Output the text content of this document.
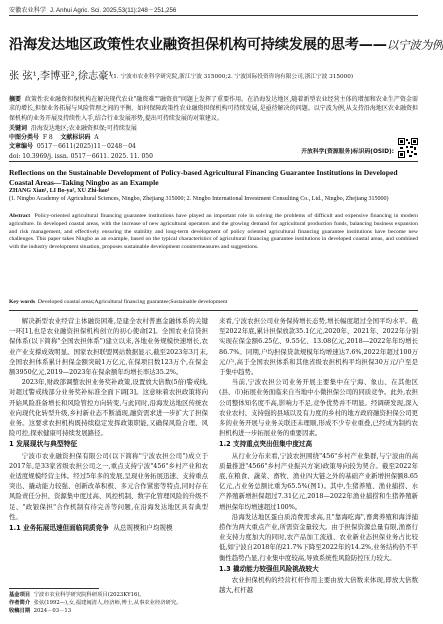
安徽农业科学 J. Anhui Agric. Sci. 2025,53(11):248－251,256
沿海发达地区政策性农业融资担保机构可持续发展的思考——以宁波为例
张 弦¹,李博亚²,徐志豪¹
(1. 宁波市农业科学研究院,浙江宁波 315000;2. 宁波国际投资咨询有限公司,浙江宁波 315000)
摘要 政策性农业融资担保机构在解决现代农业"融资难""融资贵"问题上发挥了重要作用。在沿海发达地区,随着新型农业经营主体的增加和农业生产资金需求的增长,担保业务拓展与风险管理之间的平衡、如何保障政策性农业融资担保机构可持续发展,是亟待解决的问题。以宁波为例,从支持沿海地区农业融资担保机构的业务开展及持续性入手,结合行业发展形势,提出可持续发展的对策建议。
关键词 沿海发达地区;农业融资担保;可持续发展
中图分类号 F 8 文献标识码 A
文章编号 0517－6611(2025)11－0248－04
doi: 10.3969/j. issn. 0517－6611. 2025. 11. 050
开放科学(资源服务)标识码(OSID):
Reflections on the Sustainable Development of Policy-based Agricultural Financing Guarantee Institutions in Developed Coastal Areas—Taking Ningbo as an Example
ZHANG Xian¹, LI Bo-ya², XU Zhi-hao¹
(1. Ningbo Academy of Agricultural Sciences, Ningbo, Zhejiang 315000; 2. Ningbo International Investment Consulting Co., Ltd., Ningbo, Zhejiang 315000)
Abstract Policy-oriented agricultural financing guarantee institutions have played an important role in solving the problems of difficult and expensive financing in modern agriculture. In developed coastal areas, with the increase of new agricultural operators and the growing demand for agricultural production funds, balancing business expansion and risk management, and effectively ensuring the stability and long-term development of policy oriented agricultural financing guarantee institutions have become new challenges. This paper takes Ningbo as an example, based on the typical characteristics of agricultural financing guarantee institutions in developed coastal areas, and combined with the industry development situation, proposes sustainable development countermeasures and suggestions.
Key words Developed coastal areas;Agricultural financing guarantee;Sustainable development

解决新型农业经营主体融资困难,是建全农村普惠金融体系的关键一环[1],也是农业融资担保机构创立的初心使命[2]。全国农业信贷担保体系(以下简称"全国农担体系")建立以来,各地业务规模快速增长,农业产业支撑成效明显。国家农担联盟网站数据显示,截至2023年3月末,全国农担体系累计担保金额突破1万亿元,在保项目数123万个,在保金额3950亿元,2019—2023年在保余额年均增长率达35.2%。

2023年,财政部调整农担业务奖补政策,设置放大倍数(5倍)警戒线,对超过警戒线部分业务奖补标准全面下调[3]。这意味着农担政策将向开始风险准备增长和风险管控方向转变,与此同时,沿海发达地区传统农业向现代化转型升级,乡村新业态不断涌现,融资需求进一步扩大了担保业务。这要求农担机构既持续稳定发挥政策职能,又确保风险合理、风险可控,探索健康可持续发展路径。

1 发展现状与典型特征

宁波市农业融资担保有限公司(以下简称"宁波农担公司")成立于2017年,是33家省级农担公司之一,重点支持宁波"456"乡村产业和农业适度规模经营主体。经过5年多的发展,呈现业务拓展迅速、支持重点突出、撬动能力较强、创新改革积极、多元合作紧密等特点,同时存在风险责任分担、资源集中度过高、风控机制、数字化管理风险的升级不足、"政银保担"合作机制有待完善等问题,在沿海发达地区具有典型性。

1.1 业务拓展迅速但面临同质竞争 从总规模和户均规模

来看,宁波农担公司业务保持增长态势,增长幅度超过全国平均水平。截至2022年底,累计担保放款35.1亿元,2020年、2021年、2022年分别实现在保金额6.25亿、9.55亿、13.08亿元,2018—2022年年均增长86.7%。同期,户均担保贷款规模年均增速达7.6%,2022年超过100万元/户,高于全国农担体系和其他省级农担机构平均担保30万元/户至是于集中趋势。

当前,宁波农担公司业务开展主要集中在宁海、象山、在其他区(县、市)拓展业务面临来自当地中小微担保公司的同质竞争。此外,农担公司整体知名度不高,影响力不足,竞争优势并不明显。经调研发现,深入农业农村、支持强的县域以及有力度的乡村的地方政府融资担保公司更多的业务开展与业务关联还未理顺,形成不少专业重叠,已经成为制约农担机构进一步拓展业务的重要因素。

1.2 支持重点突出但集中度过高

从行业分布来看,宁波农担围绕"456"乡村产业集群,与宁波由的高质量推进"4566"乡村产业振兴方案)政策导向较为契合。截至2022年底,在粮食、蔬菜、畜牧、渔业四大链之外的基础产业新增担保额8.65亿元,占业务总额比重为65.5%(图1)。其中,生猪养殖、渔业捕捞、水产养殖新增担保超过7.31亿元,2018—2022年渔业捕捞和生猪养殖新增担保年均增速超过100%。

沿海发达地区蛋白质消费需求高,且"靠海吃海",畜禽养殖和海洋捕捞作为两大重点产业,所需资金量较大。由于担保资源总量有限,渔畜行业支持力度加大的同时,农产品加工流通、农业新业态担保业务占比较低,如宁波自2018年的21.7%下降至2022年的14.2%,业务结构仍不平衡性趋势凸显,行业集中度较高,导致系统性风险防控压力较大。

1.3 撬动能力较强但风险挑战较大

农业担保机构的经营杠杆作用主要由放大倍数来体现,即放大倍数越大,杠杆越

基金项目 宁波市农业科学研究院科研项目(2023KY16)。
作者简介 张弦(1992—),女,福建闽清人,经济师,博士,从事农业经济研究。
收稿日期 2024－03－13
